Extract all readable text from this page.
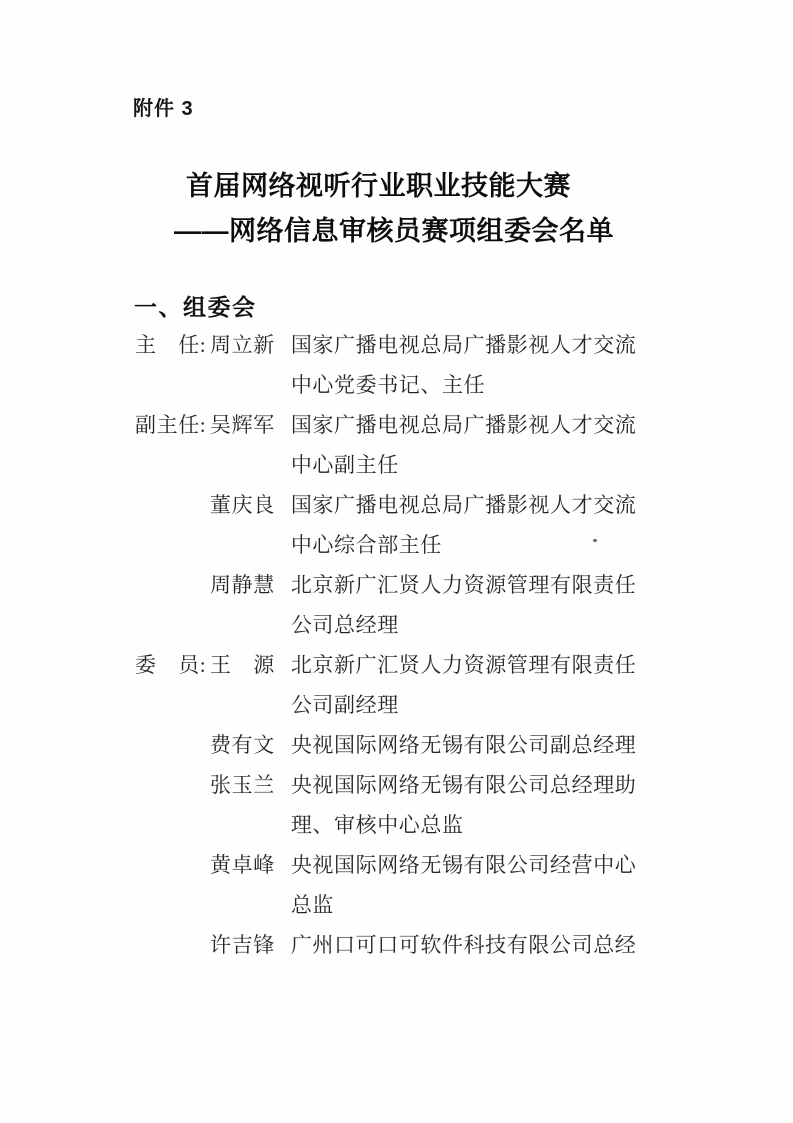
附件 3
首届网络视听行业职业技能大赛
——网络信息审核员赛项组委会名单
一、组委会
主　任: 周立新 国家广播电视总局广播影视人才交流
中心党委书记、主任
副主任: 吴辉军 国家广播电视总局广播影视人才交流
中心副主任
董庆良 国家广播电视总局广播影视人才交流
中心综合部主任
周静慧 北京新广汇贤人力资源管理有限责任
公司总经理
委　员: 王　源 北京新广汇贤人力资源管理有限责任
公司副经理
费有文 央视国际网络无锡有限公司副总经理
张玉兰 央视国际网络无锡有限公司总经理助
理、审核中心总监
黄卓峰 央视国际网络无锡有限公司经营中心
总监
许吉锋 广州口可口可软件科技有限公司总经
